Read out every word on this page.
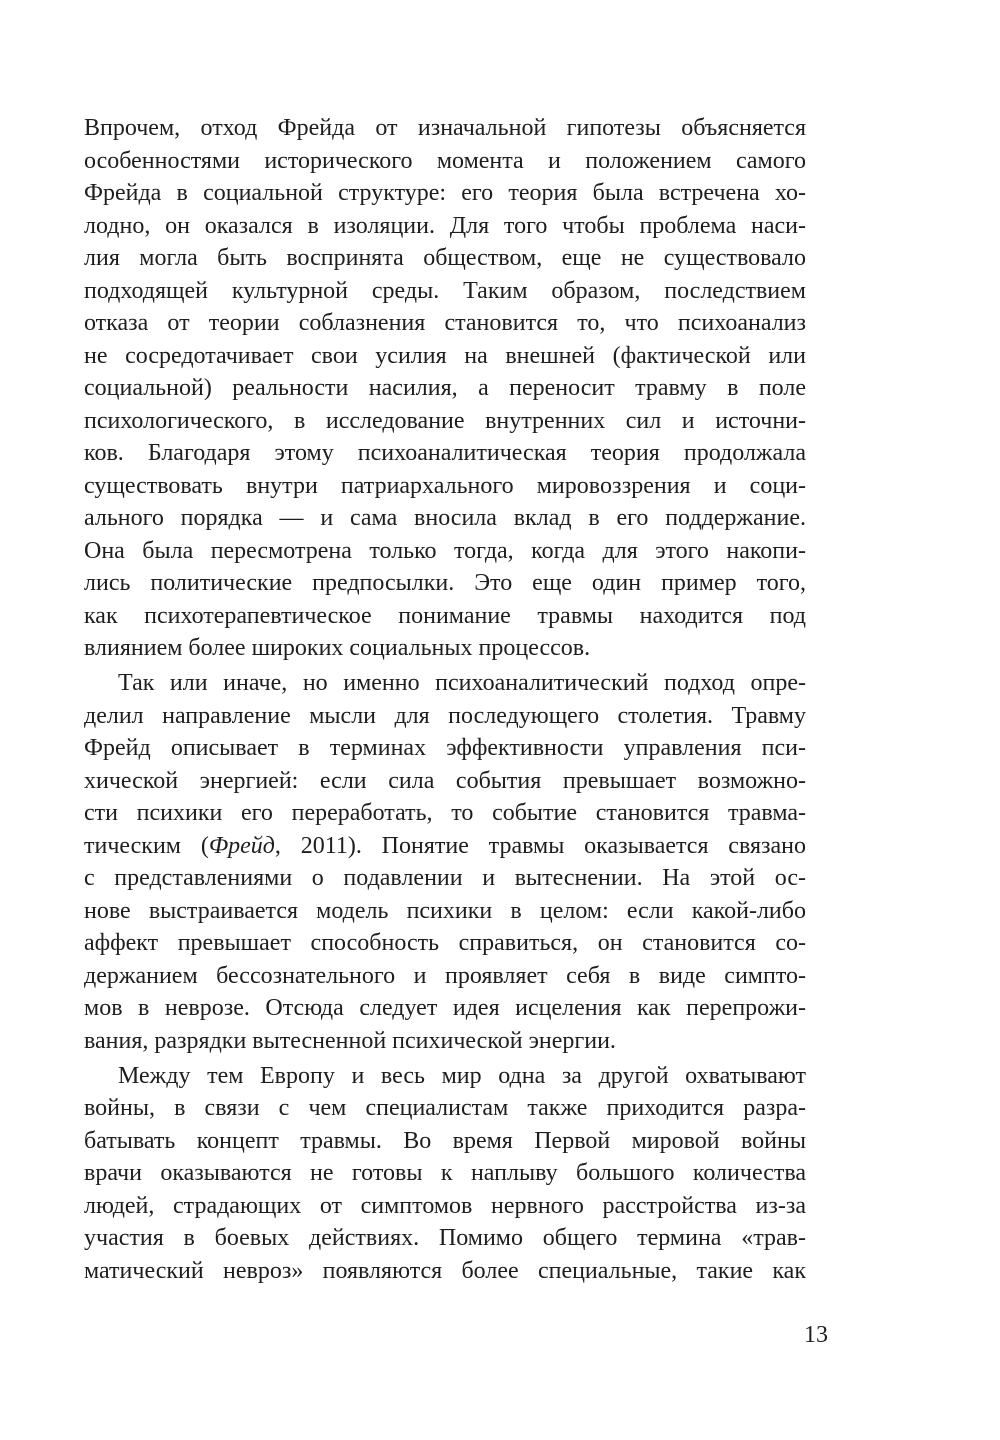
Впрочем, отход Фрейда от изначальной гипотезы объясняется
особенностями исторического момента и положением самого
Фрейда в социальной структуре: его теория была встречена хо-
лодно, он оказался в изоляции. Для того чтобы проблема наси-
лия могла быть воспринята обществом, еще не существовало
подходящей культурной среды. Таким образом, последствием
отказа от теории соблазнения становится то, что психоанализ
не сосредотачивает свои усилия на внешней (фактической или
социальной) реальности насилия, а переносит травму в поле
психологического, в исследование внутренних сил и источни-
ков. Благодаря этому психоаналитическая теория продолжала
существовать внутри патриархального мировоззрения и соци-
ального порядка — и сама вносила вклад в его поддержание.
Она была пересмотрена только тогда, когда для этого накопи-
лись политические предпосылки. Это еще один пример того,
как психотерапевтическое понимание травмы находится под
влиянием более широких социальных процессов.
Так или иначе, но именно психоаналитический подход опре-
делил направление мысли для последующего столетия. Травму
Фрейд описывает в терминах эффективности управления пси-
хической энергией: если сила события превышает возможно-
сти психики его переработать, то событие становится травма-
тическим (Фрейд, 2011). Понятие травмы оказывается связано
с представлениями о подавлении и вытеснении. На этой ос-
нове выстраивается модель психики в целом: если какой-либо
аффект превышает способность справиться, он становится со-
держанием бессознательного и проявляет себя в виде симпто-
мов в неврозе. Отсюда следует идея исцеления как перепрожи-
вания, разрядки вытесненной психической энергии.
Между тем Европу и весь мир одна за другой охватывают
войны, в связи с чем специалистам также приходится разра-
батывать концепт травмы. Во время Первой мировой войны
врачи оказываются не готовы к наплыву большого количества
людей, страдающих от симптомов нервного расстройства из-за
участия в боевых действиях. Помимо общего термина «трав-
матический невроз» появляются более специальные, такие как
13
